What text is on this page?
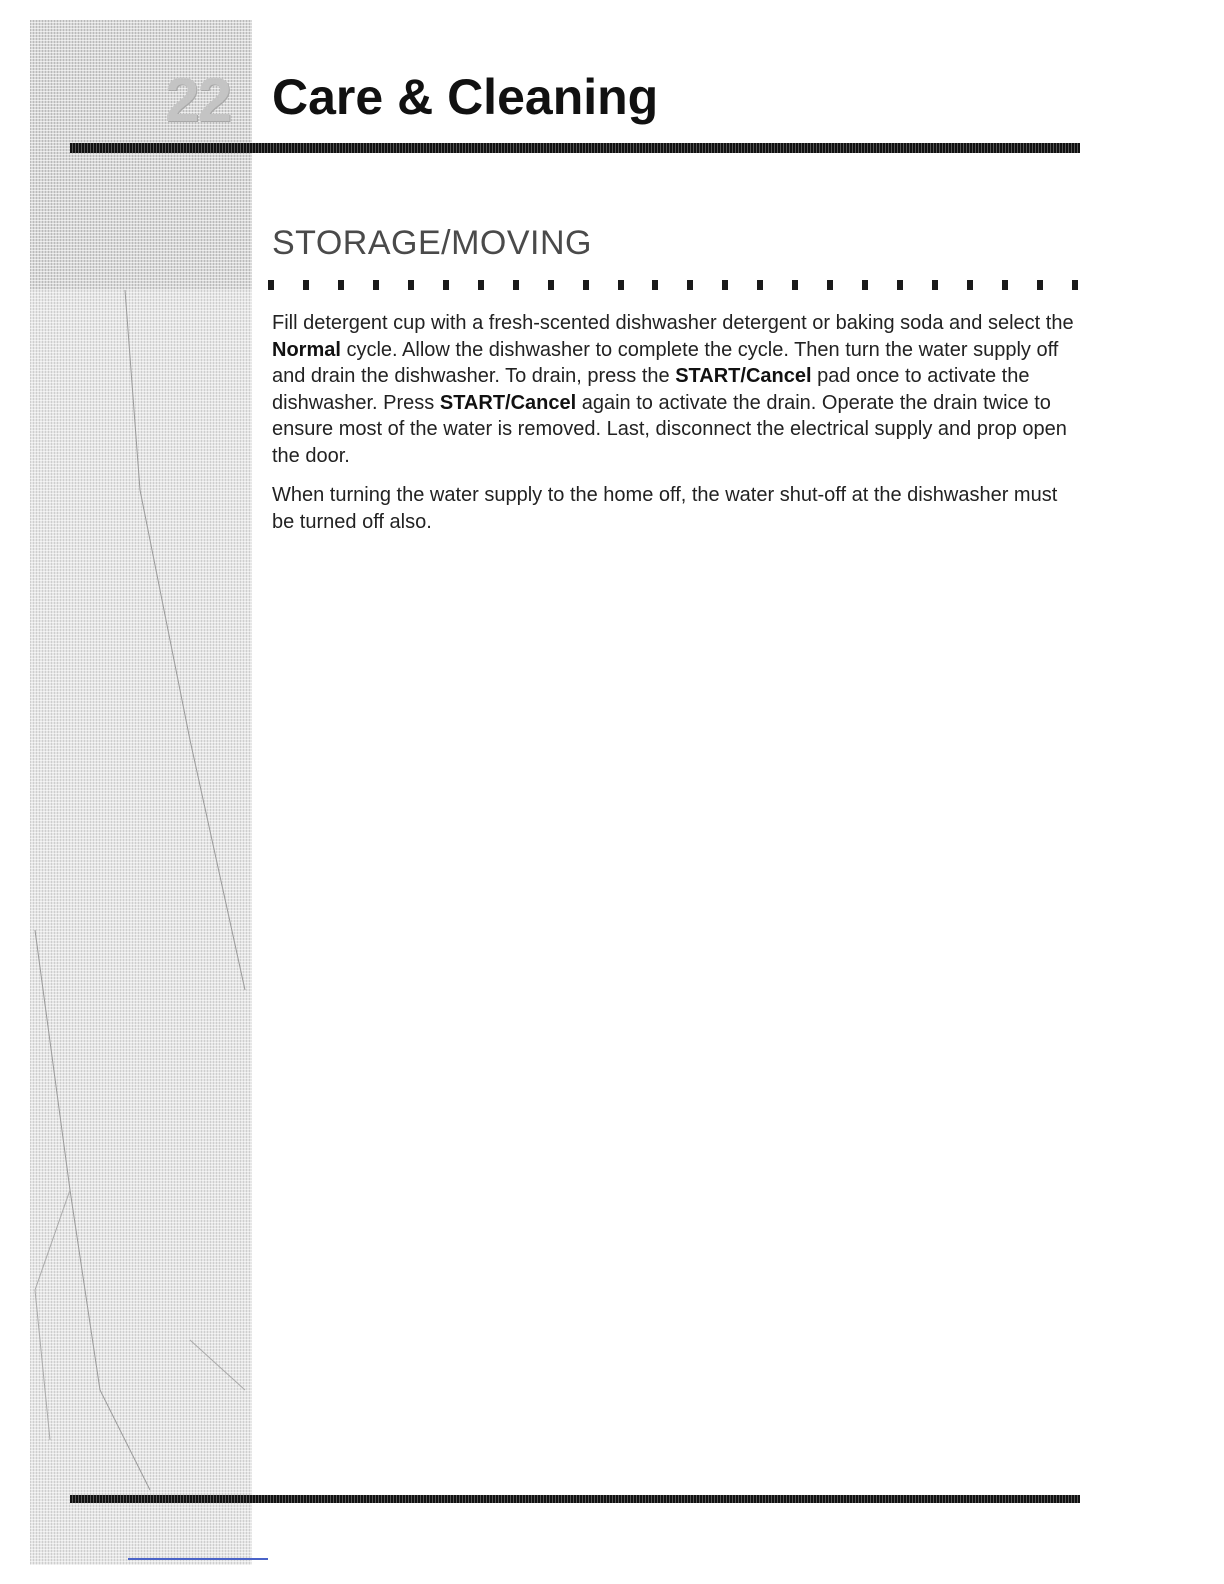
22 Care & Cleaning
STORAGE/MOVING

Fill detergent cup with a fresh-scented dishwasher detergent or baking soda and select the Normal cycle. Allow the dishwasher to complete the cycle. Then turn the water supply off and drain the dishwasher. To drain, press the START/Cancel pad once to activate the dishwasher. Press START/Cancel again to activate the drain. Operate the drain twice to ensure most of the water is removed. Last, disconnect the electrical supply and prop open the door.

When turning the water supply to the home off, the water shut-off at the dishwasher must be turned off also.
